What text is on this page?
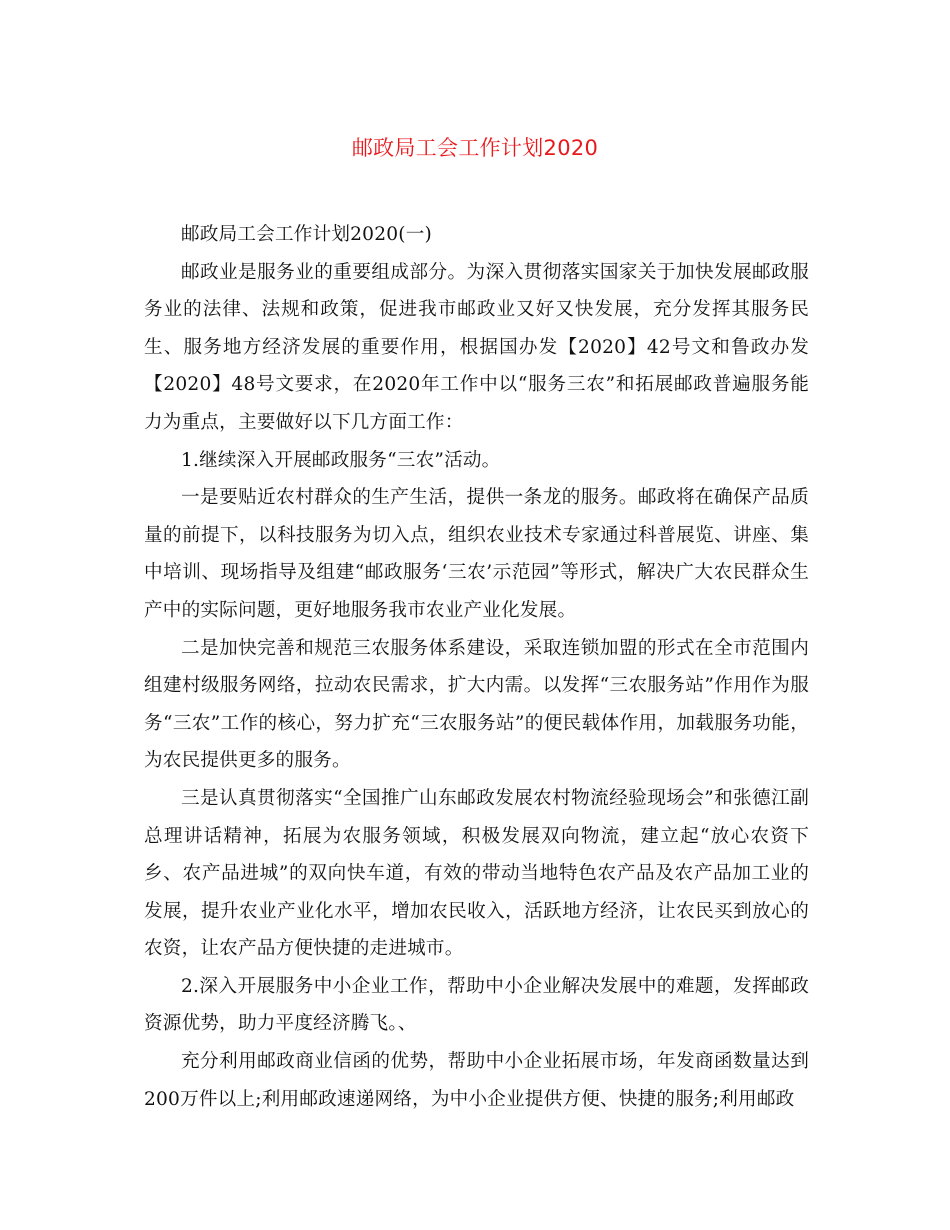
邮政局工会工作计划2020

邮政局工会工作计划2020(一)

邮政业是服务业的重要组成部分。为深入贯彻落实国家关于加快发展邮政服务业的法律、法规和政策，促进我市邮政业又好又快发展，充分发挥其服务民生、服务地方经济发展的重要作用，根据国办发【2020】42号文和鲁政办发【2020】48号文要求，在2020年工作中以“服务三农”和拓展邮政普遍服务能力为重点，主要做好以下几方面工作：

1.继续深入开展邮政服务“三农”活动。

一是要贴近农村群众的生产生活，提供一条龙的服务。邮政将在确保产品质量的前提下，以科技服务为切入点，组织农业技术专家通过科普展览、讲座、集中培训、现场指导及组建“邮政服务‘三农’示范园”等形式，解决广大农民群众生产中的实际问题，更好地服务我市农业产业化发展。

二是加快完善和规范三农服务体系建设，采取连锁加盟的形式在全市范围内组建村级服务网络，拉动农民需求，扩大内需。以发挥“三农服务站”作用作为服务“三农”工作的核心，努力扩充“三农服务站”的便民载体作用，加载服务功能，为农民提供更多的服务。

三是认真贯彻落实“全国推广山东邮政发展农村物流经验现场会”和张德江副总理讲话精神，拓展为农服务领域，积极发展双向物流，建立起“放心农资下乡、农产品进城”的双向快车道，有效的带动当地特色农产品及农产品加工业的发展，提升农业产业化水平，增加农民收入，活跃地方经济，让农民买到放心的农资，让农产品方便快捷的走进城市。

2.深入开展服务中小企业工作，帮助中小企业解决发展中的难题，发挥邮政资源优势，助力平度经济腾飞。、

充分利用邮政商业信函的优势，帮助中小企业拓展市场，年发商函数量达到200万件以上;利用邮政速递网络，为中小企业提供方便、快捷的服务;利用邮政
